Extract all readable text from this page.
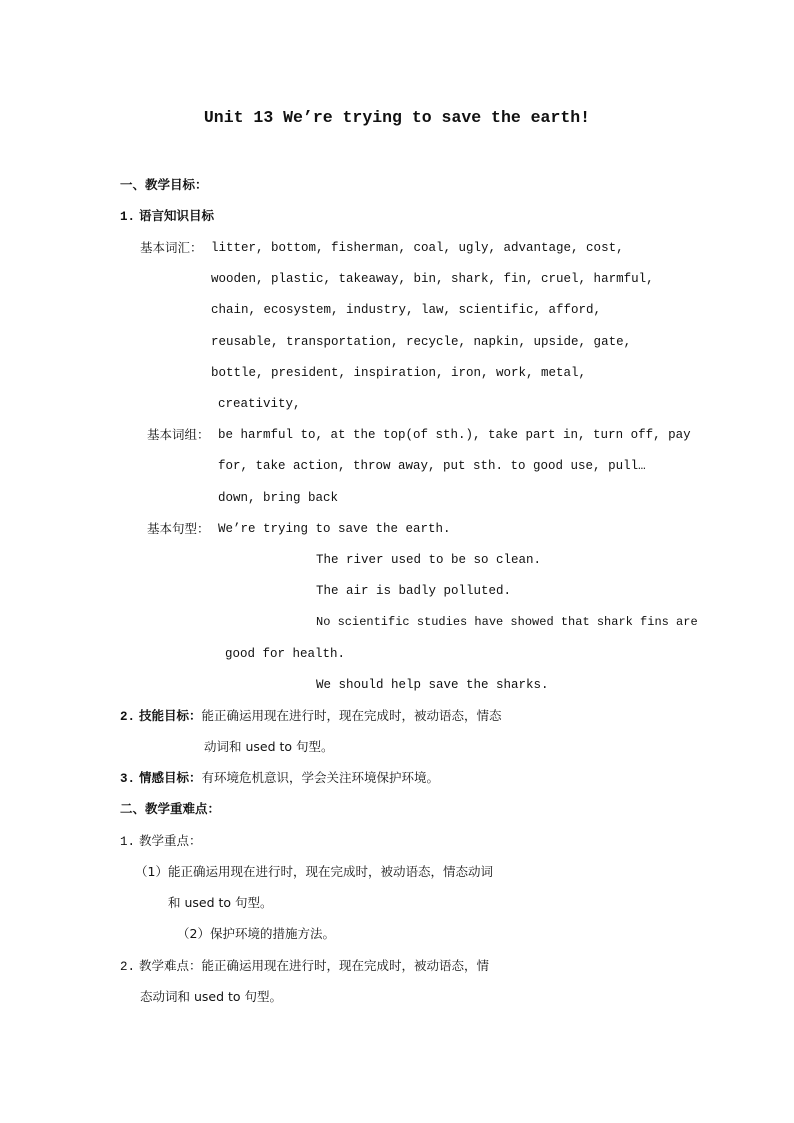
Unit 13 We’re trying to save the earth!
一、教学目标：
1. 语言知识目标
基本词汇： litter, bottom, fisherman, coal, ugly, advantage, cost,
wooden, plastic, takeaway, bin, shark, fin, cruel, harmful,
chain, ecosystem, industry, law, scientific, afford,
reusable, transportation, recycle, napkin, upside, gate,
bottle, president, inspiration, iron, work, metal,
creativity,
基本词组： be harmful to, at the top(of sth.), take part in, turn off, pay
for, take action, throw away, put sth. to good use, pull…
down, bring back
基本句型： We’re trying to save the earth.
The river used to be so clean.
The air is badly polluted.
No scientific studies have showed that shark fins are
good for health.
We should help save the sharks.
2. 技能目标：能正确运用现在进行时，现在完成时，被动语态，情态
动词和 used to 句型。
3. 情感目标：有环境危机意识，学会关注环境保护环境。
二、教学重难点：
1. 教学重点：
（1）能正确运用现在进行时，现在完成时，被动语态，情态动词
和 used to 句型。
（2）保护环境的措施方法。
2. 教学难点：能正确运用现在进行时，现在完成时，被动语态，情
态动词和 used to 句型。
